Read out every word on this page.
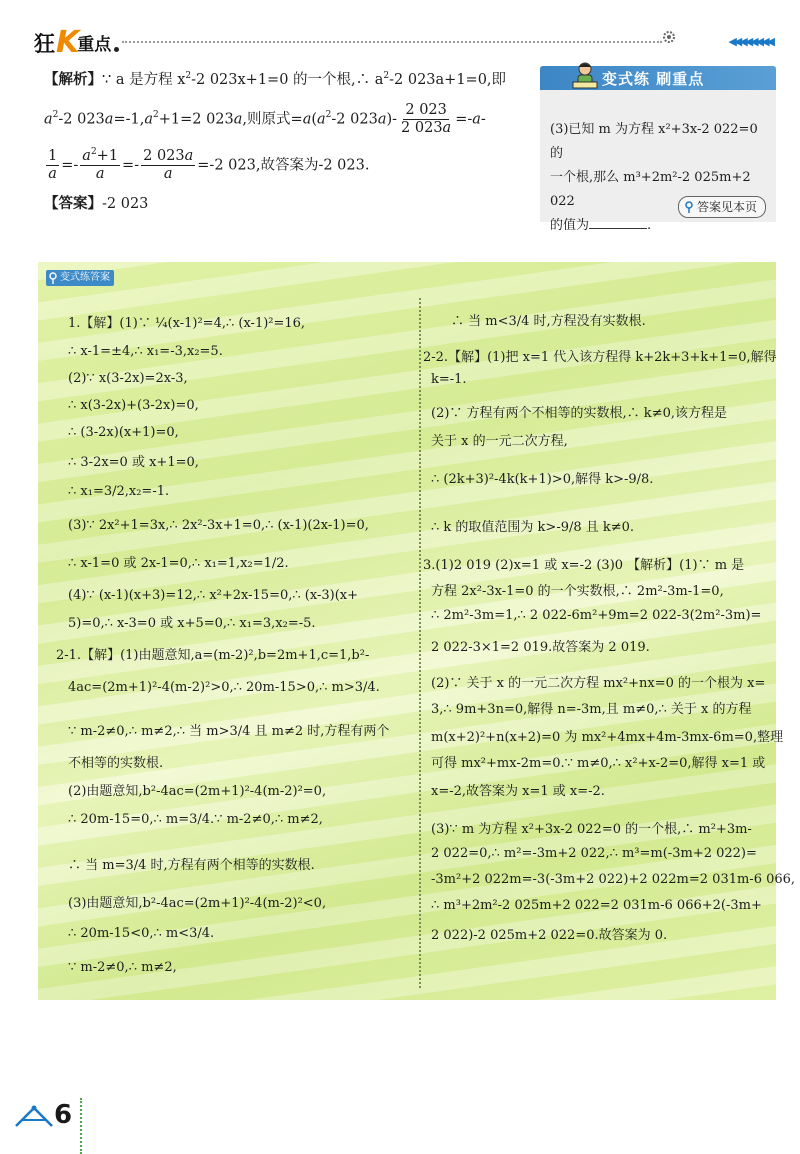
狂 K
重点	◀◀◀◀◀◀◀◀
【解析】∵ a 是方程 $x^2-2$ 023x+1=0 的一个根,∴ $a^2-2$ 023a+1=0,即
$a^2-2$ $023a=-1,a^2+1=2$ 023a,则原式$=a(a^2-2$ $023a)- \frac{2 023}{2 023a} =-a-$
$\frac{1}{a} =- \frac{a^2+1}{a} =- \frac{2 023a}{a} =-2$ 023,故答案为-2 023.
【答案】-2 023
变式练 刷重点
(3)已知 m 为方程 x²+3x-2 022=0 的
一个根,那么 m³+2m²-2 025m+2 022
的值为	.
答案见本页
变式练答案
1.【解】(1)∵ ¼(x-1)²=4,∴ (x-1)²=16,
∴ x-1=±4,∴ x₁=-3,x₂=5.
(2)∵ x(3-2x)=2x-3,
∴ x(3-2x)+(3-2x)=0,
∴ (3-2x)(x+1)=0,
∴ 3-2x=0 或 x+1=0,
∴ x₁=3/2,x₂=-1.
(3)∵ 2x²+1=3x,∴ 2x²-3x+1=0,∴ (x-1)(2x-1)=0,
∴ x-1=0 或 2x-1=0,∴ x₁=1,x₂=1/2.
(4)∵ (x-1)(x+3)=12,∴ x²+2x-15=0,∴ (x-3)(x+
5)=0,∴ x-3=0 或 x+5=0,∴ x₁=3,x₂=-5.
2-1.【解】(1)由题意知,a=(m-2)²,b=2m+1,c=1,b²-
4ac=(2m+1)²-4(m-2)²>0,∴ 20m-15>0,∴ m>3/4.
∵ m-2≠0,∴ m≠2,∴ 当 m>3/4 且 m≠2 时,方程有两个
不相等的实数根.
(2)由题意知,b²-4ac=(2m+1)²-4(m-2)²=0,
∴ 20m-15=0,∴ m=3/4.∵ m-2≠0,∴ m≠2,
∴ 当 m=3/4 时,方程有两个相等的实数根.
(3)由题意知,b²-4ac=(2m+1)²-4(m-2)²<0,
∴ 20m-15<0,∴ m<3/4.
∵ m-2≠0,∴ m≠2,
∴ 当 m<3/4 时,方程没有实数根.
2-2.【解】(1)把 x=1 代入该方程得 k+2k+3+k+1=0,解得
k=-1.
(2)∵ 方程有两个不相等的实数根,∴ k≠0,该方程是
关于 x 的一元二次方程,
∴ (2k+3)²-4k(k+1)>0,解得 k>-9/8.
∴ k 的取值范围为 k>-9/8 且 k≠0.
3.(1)2 019 (2)x=1 或 x=-2 (3)0 【解析】(1)∵ m 是
方程 2x²-3x-1=0 的一个实数根,∴ 2m²-3m-1=0,
∴ 2m²-3m=1,∴ 2 022-6m²+9m=2 022-3(2m²-3m)=
2 022-3×1=2 019.故答案为 2 019.
(2)∵ 关于 x 的一元二次方程 mx²+nx=0 的一个根为 x=
3,∴ 9m+3n=0,解得 n=-3m,且 m≠0,∴ 关于 x 的方程
m(x+2)²+n(x+2)=0 为 mx²+4mx+4m-3mx-6m=0,整理
可得 mx²+mx-2m=0.∵ m≠0,∴ x²+x-2=0,解得 x=1 或
x=-2,故答案为 x=1 或 x=-2.
(3)∵ m 为方程 x²+3x-2 022=0 的一个根,∴ m²+3m-
2 022=0,∴ m²=-3m+2 022,∴ m³=m(-3m+2 022)=
-3m²+2 022m=-3(-3m+2 022)+2 022m=2 031m-6 066,
∴ m³+2m²-2 025m+2 022=2 031m-6 066+2(-3m+
2 022)-2 025m+2 022=0.故答案为 0.
6
